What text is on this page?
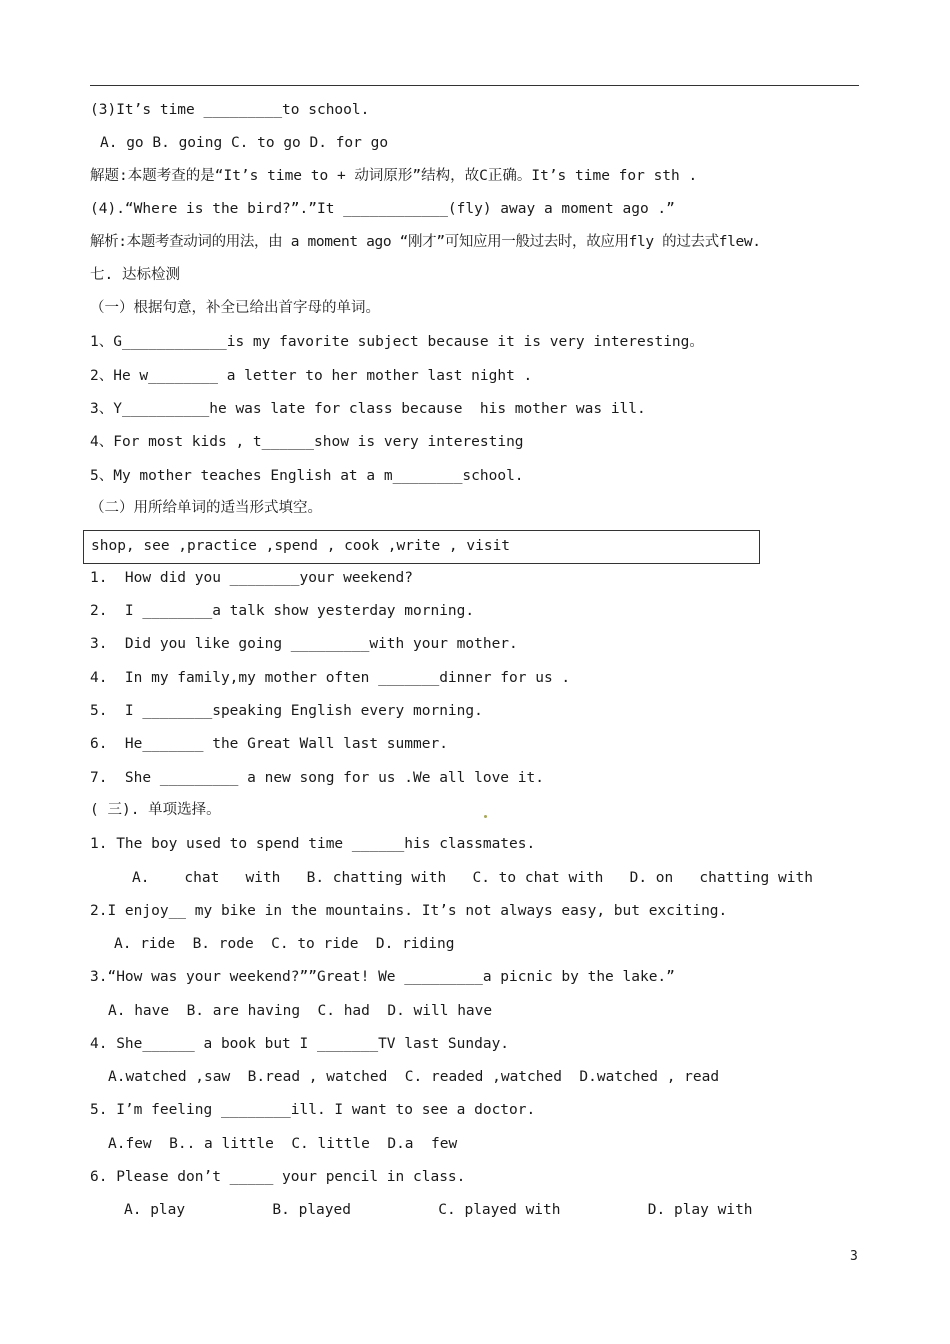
(3)It’s time _________to school.
A. go B. going C. to go D. for go
解题:本题考查的是“It’s time to + 动词原形”结构，故C正确。It’s time for sth .
(4).“Where is the bird?”.”It ____________(fly) away a moment ago .”
解析:本题考查动词的用法，由 a moment ago “刚才”可知应用一般过去时，故应用fly 的过去式flew.
七. 达标检测
（一）根据句意，补全已给出首字母的单词。
1、G____________is my favorite subject because it is very interesting。
2、He w________ a letter to her mother last night .
3、Y__________he was late for class because  his mother was ill.
4、For most kids , t______show is very interesting
5、My mother teaches English at a m________school.
（二）用所给单词的适当形式填空。
shop, see ,practice ,spend , cook ,write , visit
1.  How did you ________your weekend?
2.  I ________a talk show yesterday morning.
3.  Did you like going _________with your mother.
4.  In my family,my mother often _______dinner for us .
5.  I ________speaking English every morning.
6.  He_______ the Great Wall last summer.
7.  She _________ a new song for us .We all love it.
( 三). 单项选择。
1. The boy used to spend time ______his classmates.
A.    chat   with   B. chatting with   C. to chat with   D. on   chatting with
2.I enjoy__ my bike in the mountains. It’s not always easy, but exciting.
A. ride  B. rode  C. to ride  D. riding
3.“How was your weekend?””Great! We _________a picnic by the lake.”
A. have  B. are having  C. had  D. will have
4. She______ a book but I _______TV last Sunday.
A.watched ,saw  B.read , watched  C. readed ,watched  D.watched , read
5. I’m feeling ________ill. I want to see a doctor.
A.few  B.. a little  C. little  D.a  few
6. Please don’t _____ your pencil in class.
A. play          B. played          C. played with          D. play with
3
